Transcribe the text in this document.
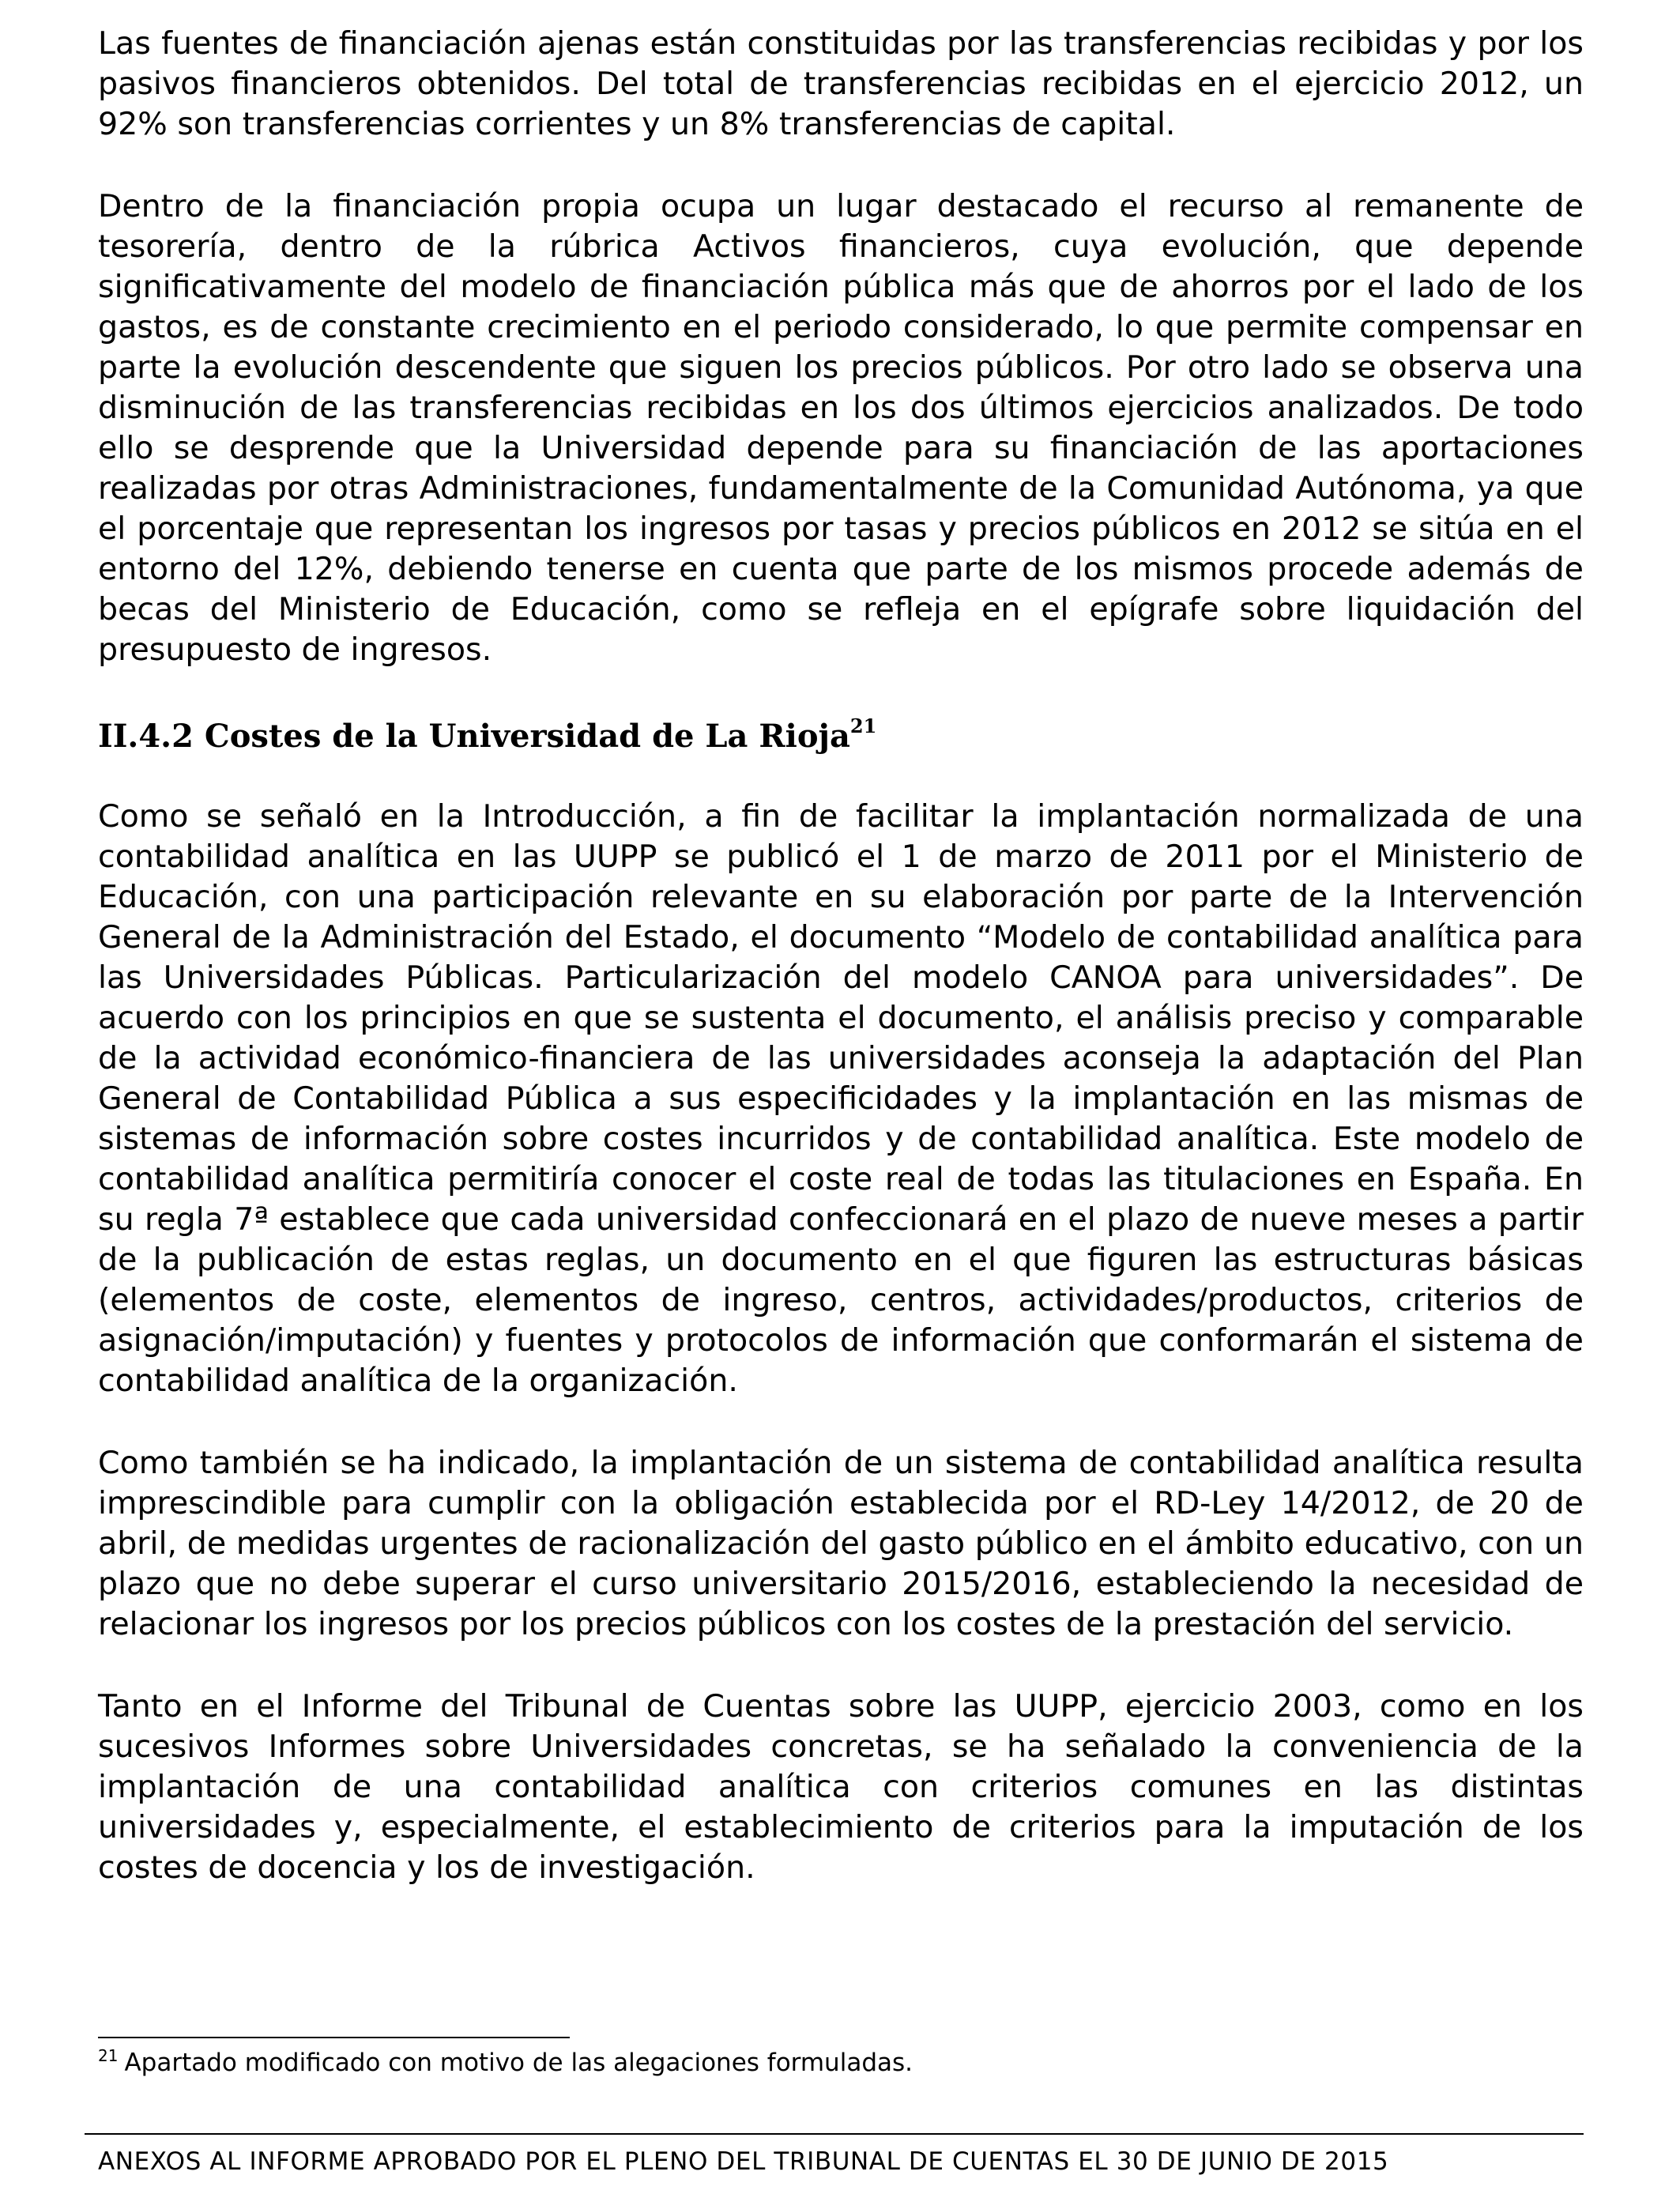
Las fuentes de financiación ajenas están constituidas por las transferencias recibidas y por los pasivos financieros obtenidos. Del total de transferencias recibidas en el ejercicio 2012, un 92% son transferencias corrientes y un 8% transferencias de capital.

Dentro de la financiación propia ocupa un lugar destacado el recurso al remanente de tesorería, dentro de la rúbrica Activos financieros, cuya evolución, que depende significativamente del modelo de financiación pública más que de ahorros por el lado de los gastos, es de constante crecimiento en el periodo considerado, lo que permite compensar en parte la evolución descendente que siguen los precios públicos. Por otro lado se observa una disminución de las transferencias recibidas en los dos últimos ejercicios analizados. De todo ello se desprende que la Universidad depende para su financiación de las aportaciones realizadas por otras Administraciones, fundamentalmente de la Comunidad Autónoma, ya que el porcentaje que representan los ingresos por tasas y precios públicos en 2012 se sitúa en el entorno del 12%, debiendo tenerse en cuenta que parte de los mismos procede además de becas del Ministerio de Educación, como se refleja en el epígrafe sobre liquidación del presupuesto de ingresos.

II.4.2 Costes de la Universidad de La Rioja$^{21}$

Como se señaló en la Introducción, a fin de facilitar la implantación normalizada de una contabilidad analítica en las UUPP se publicó el 1 de marzo de 2011 por el Ministerio de Educación, con una participación relevante en su elaboración por parte de la Intervención General de la Administración del Estado, el documento “Modelo de contabilidad analítica para las Universidades Públicas. Particularización del modelo CANOA para universidades”. De acuerdo con los principios en que se sustenta el documento, el análisis preciso y comparable de la actividad económico-financiera de las universidades aconseja la adaptación del Plan General de Contabilidad Pública a sus especificidades y la implantación en las mismas de sistemas de información sobre costes incurridos y de contabilidad analítica. Este modelo de contabilidad analítica permitiría conocer el coste real de todas las titulaciones en España. En su regla 7ª establece que cada universidad confeccionará en el plazo de nueve meses a partir de la publicación de estas reglas, un documento en el que figuren las estructuras básicas (elementos de coste, elementos de ingreso, centros, actividades/productos, criterios de asignación/imputación) y fuentes y protocolos de información que conformarán el sistema de contabilidad analítica de la organización.

Como también se ha indicado, la implantación de un sistema de contabilidad analítica resulta imprescindible para cumplir con la obligación establecida por el RD-Ley 14/2012, de 20 de abril, de medidas urgentes de racionalización del gasto público en el ámbito educativo, con un plazo que no debe superar el curso universitario 2015/2016, estableciendo la necesidad de relacionar los ingresos por los precios públicos con los costes de la prestación del servicio.

Tanto en el Informe del Tribunal de Cuentas sobre las UUPP, ejercicio 2003, como en los sucesivos Informes sobre Universidades concretas, se ha señalado la conveniencia de la implantación de una contabilidad analítica con criterios comunes en las distintas universidades y, especialmente, el establecimiento de criterios para la imputación de los costes de docencia y los de investigación.

$^{21}$ Apartado modificado con motivo de las alegaciones formuladas.
ANEXOS AL INFORME APROBADO POR EL PLENO DEL TRIBUNAL DE CUENTAS EL 30 DE JUNIO DE 2015
